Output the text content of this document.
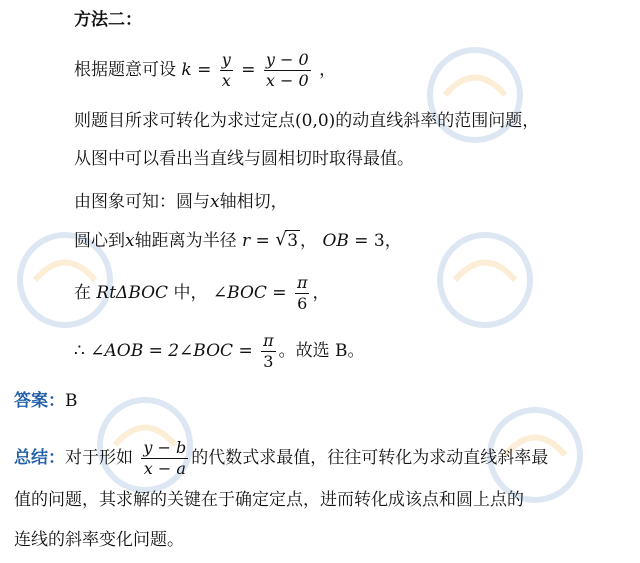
方法二：
根据题意可设 $k = \frac{y}{x} = \frac{y - 0}{x - 0}$ ，
则题目所求可转化为求过定点(0,0)的动直线斜率的范围问题，
从图中可以看出当直线与圆相切时取得最值。
由图象可知：圆与x轴相切，
圆心到x轴距离为半径 r = √ 3 ， OB = 3，
在 RtΔBOC 中， ∠BOC = $\frac{\pi}{6}$ ，
∴ ∠AOB = 2∠BOC = $\frac{\pi}{3}$ 。故选 B。
答案：B
总结：对于形如 $\frac{y - b}{x - a}$ 的代数式求最值，往往可转化为求动直线斜率最
值的问题，其求解的关键在于确定定点，进而转化成该点和圆上点的
连线的斜率变化问题。
